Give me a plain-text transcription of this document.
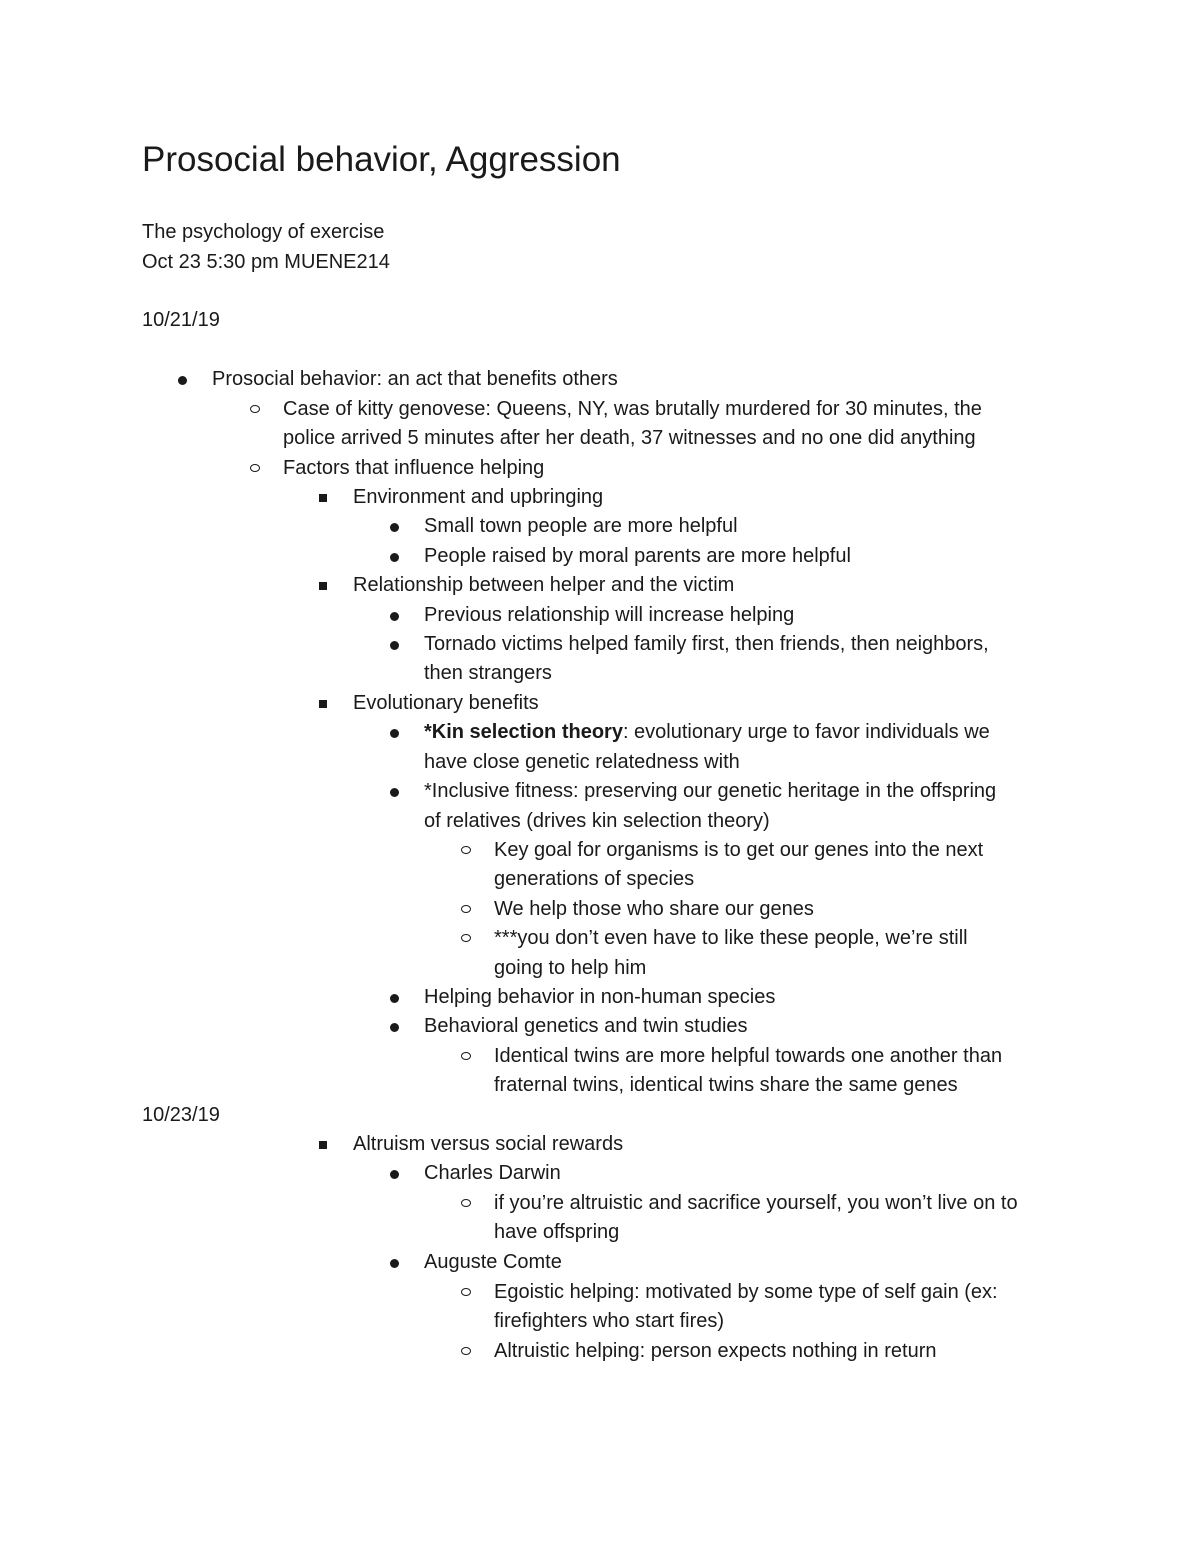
Prosocial behavior, Aggression
The psychology of exercise
Oct 23 5:30 pm MUENE214
10/21/19
Prosocial behavior: an act that benefits others
Case of kitty genovese: Queens, NY, was brutally murdered for 30 minutes, the
police arrived 5 minutes after her death, 37 witnesses and no one did anything
Factors that influence helping
Environment and upbringing
Small town people are more helpful
People raised by moral parents are more helpful
Relationship between helper and the victim
Previous relationship will increase helping
Tornado victims helped family first, then friends, then neighbors,
then strangers
Evolutionary benefits
*Kin selection theory: evolutionary urge to favor individuals we
have close genetic relatedness with
*Inclusive fitness: preserving our genetic heritage in the offspring
of relatives (drives kin selection theory)
Key goal for organisms is to get our genes into the next
generations of species
We help those who share our genes
***you don’t even have to like these people, we’re still
going to help him
Helping behavior in non-human species
Behavioral genetics and twin studies
Identical twins are more helpful towards one another than
fraternal twins, identical twins share the same genes
10/23/19
Altruism versus social rewards
Charles Darwin
if you’re altruistic and sacrifice yourself, you won’t live on to
have offspring
Auguste Comte
Egoistic helping: motivated by some type of self gain (ex:
firefighters who start fires)
Altruistic helping: person expects nothing in return
